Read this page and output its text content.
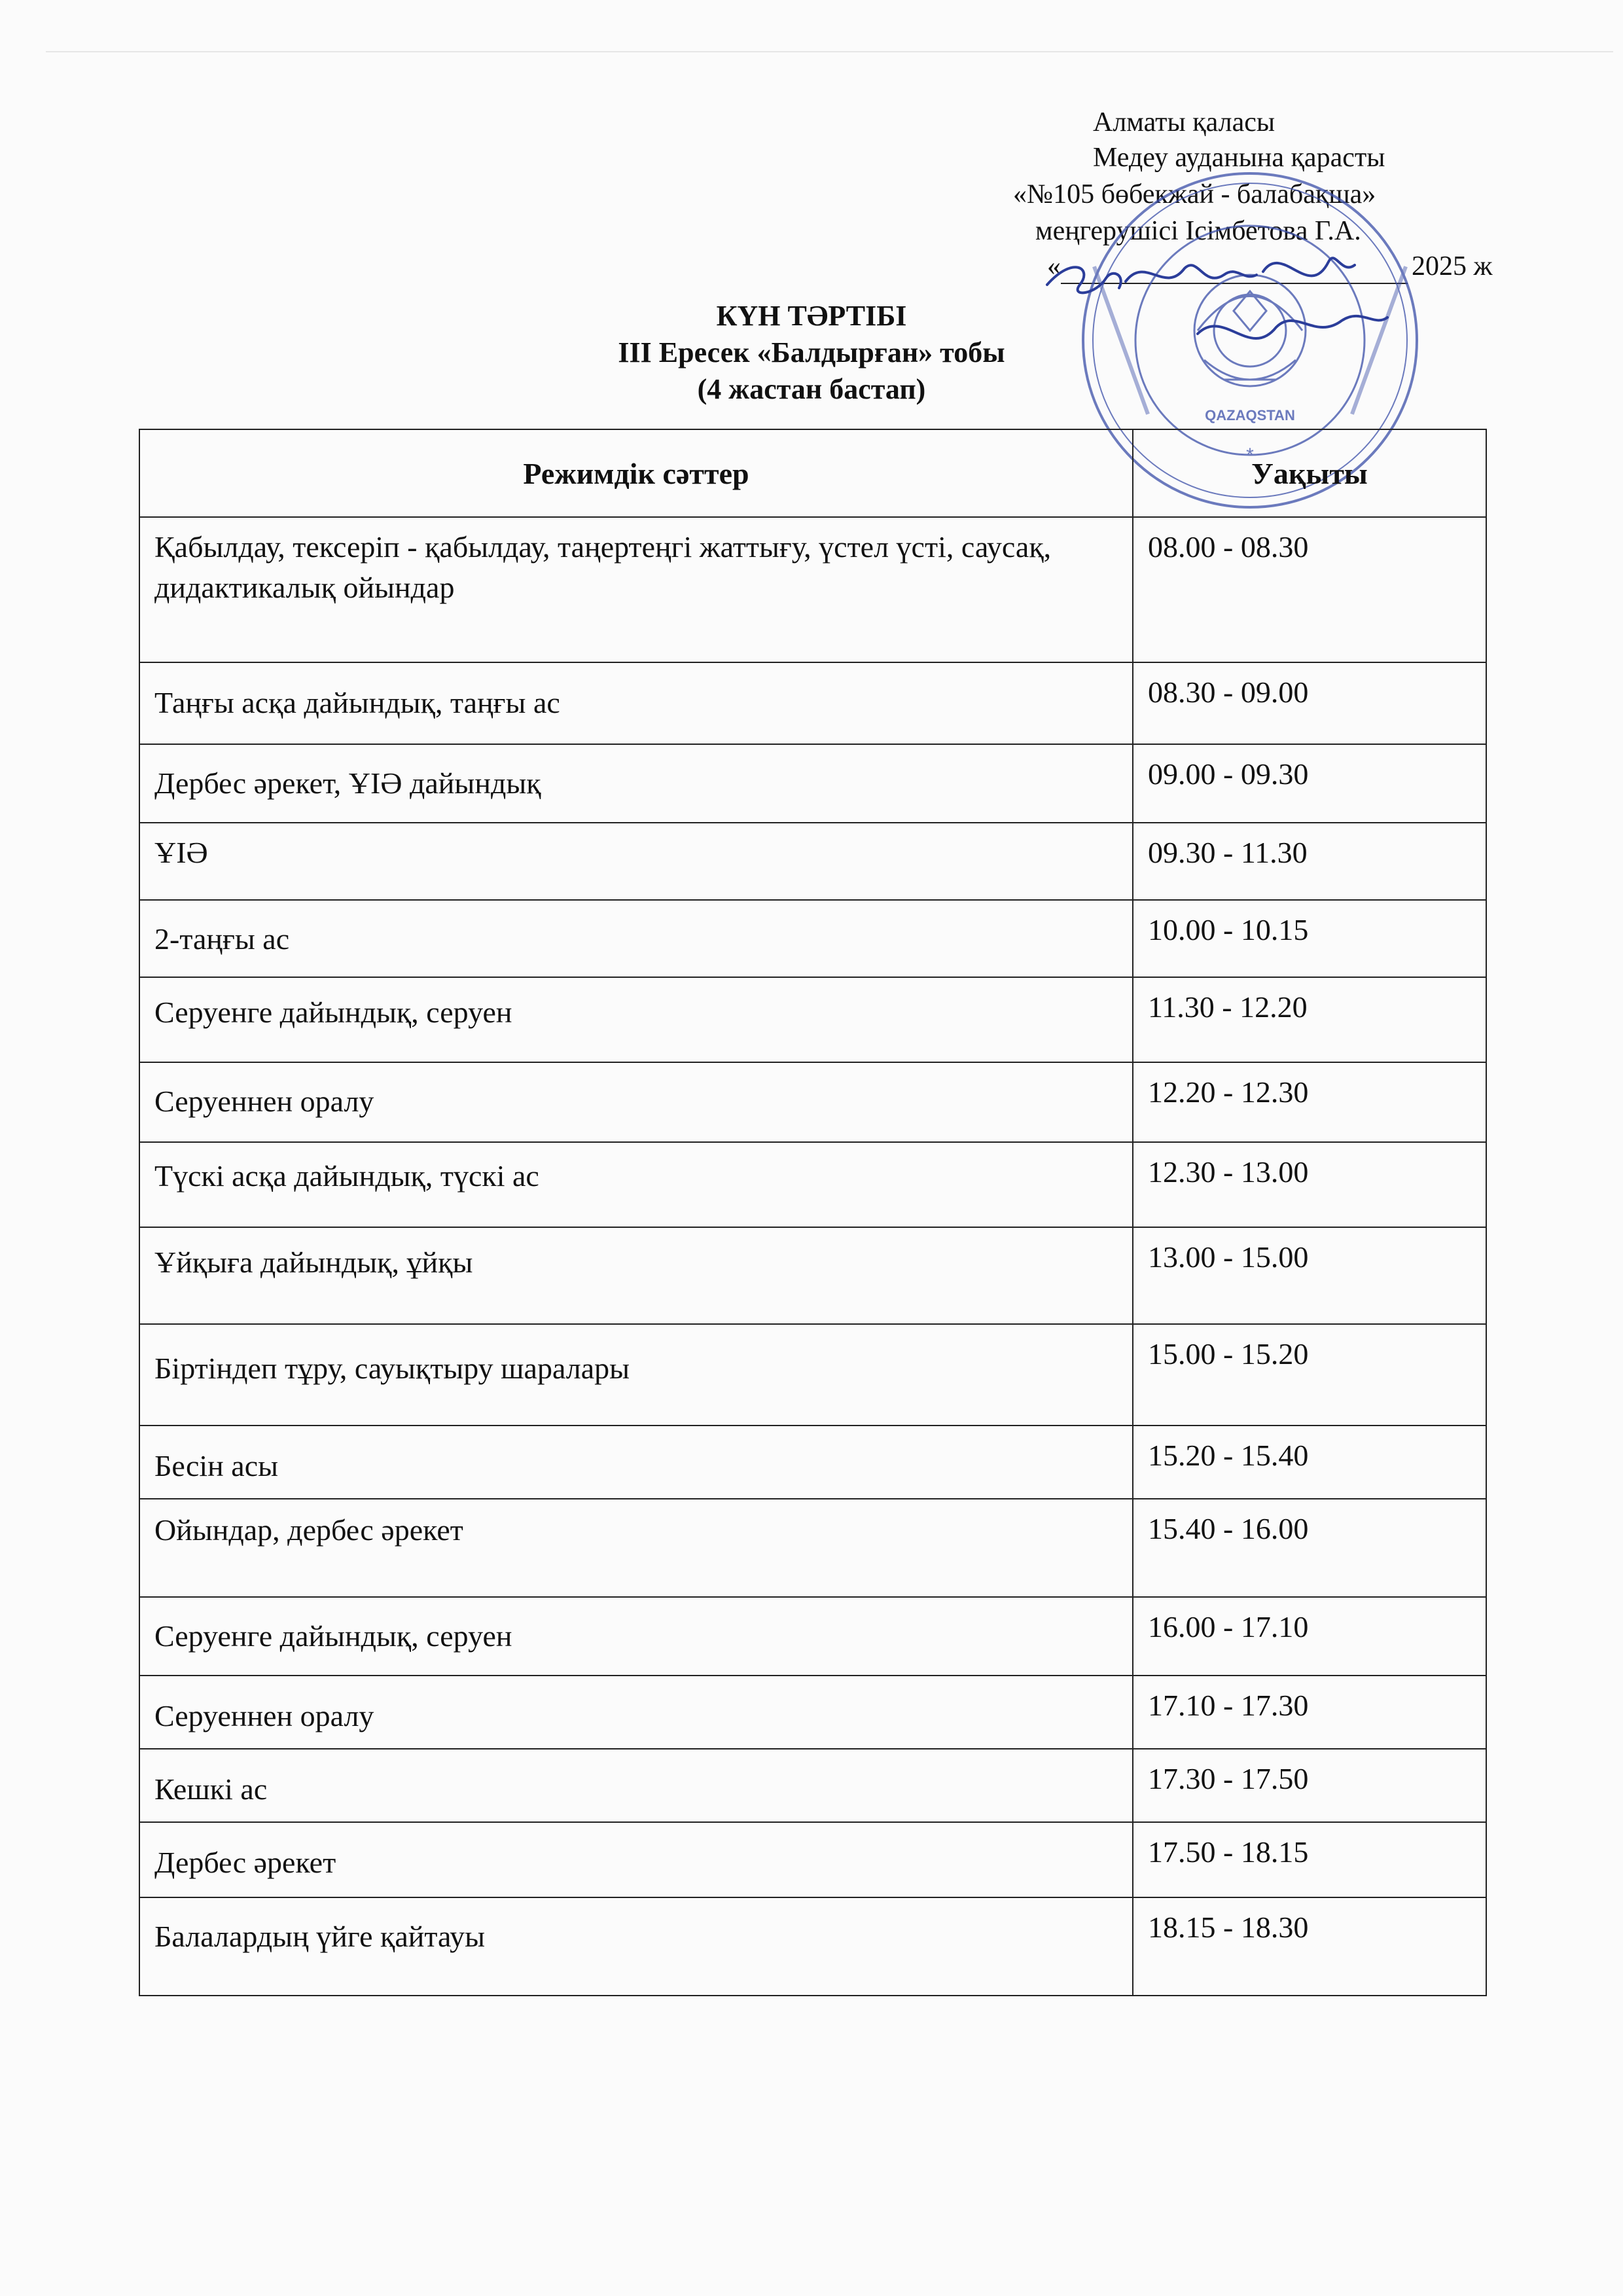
Алматы қаласы
Медеу ауданына қарасты
«№105 бөбекжай - балабақша»
меңгерушісі Ісімбетова Г.А.
«	2025 ж
QAZAQSTAN
*
КҮН ТӘРТІБІ
ІІІ Ересек «Балдырған» тобы
(4 жастан бастап)
Режимдік сәттер	Уақыты
Қабылдау, тексеріп - қабылдау, таңертеңгі жаттығу, үстел үсті, саусақ, дидактикалық ойындар	08.00 - 08.30
Таңғы асқа дайындық, таңғы ас	08.30 - 09.00
Дербес әрекет, ҰІӘ дайындық	09.00 - 09.30
ҰІӘ	09.30 - 11.30
2-таңғы ас	10.00 - 10.15
Серуенге дайындық, серуен	11.30 - 12.20
Серуеннен оралу	12.20 - 12.30
Түскі асқа дайындық, түскі ас	12.30 - 13.00
Ұйқыға дайындық, ұйқы	13.00 - 15.00
Біртіндеп тұру, сауықтыру шаралары	15.00 - 15.20
Бесін асы	15.20 - 15.40
Ойындар, дербес әрекет	15.40 - 16.00
Серуенге дайындық, серуен	16.00 - 17.10
Серуеннен оралу	17.10 - 17.30
Кешкі ас	17.30 - 17.50
Дербес әрекет	17.50 - 18.15
Балалардың үйге қайтауы	18.15 - 18.30
